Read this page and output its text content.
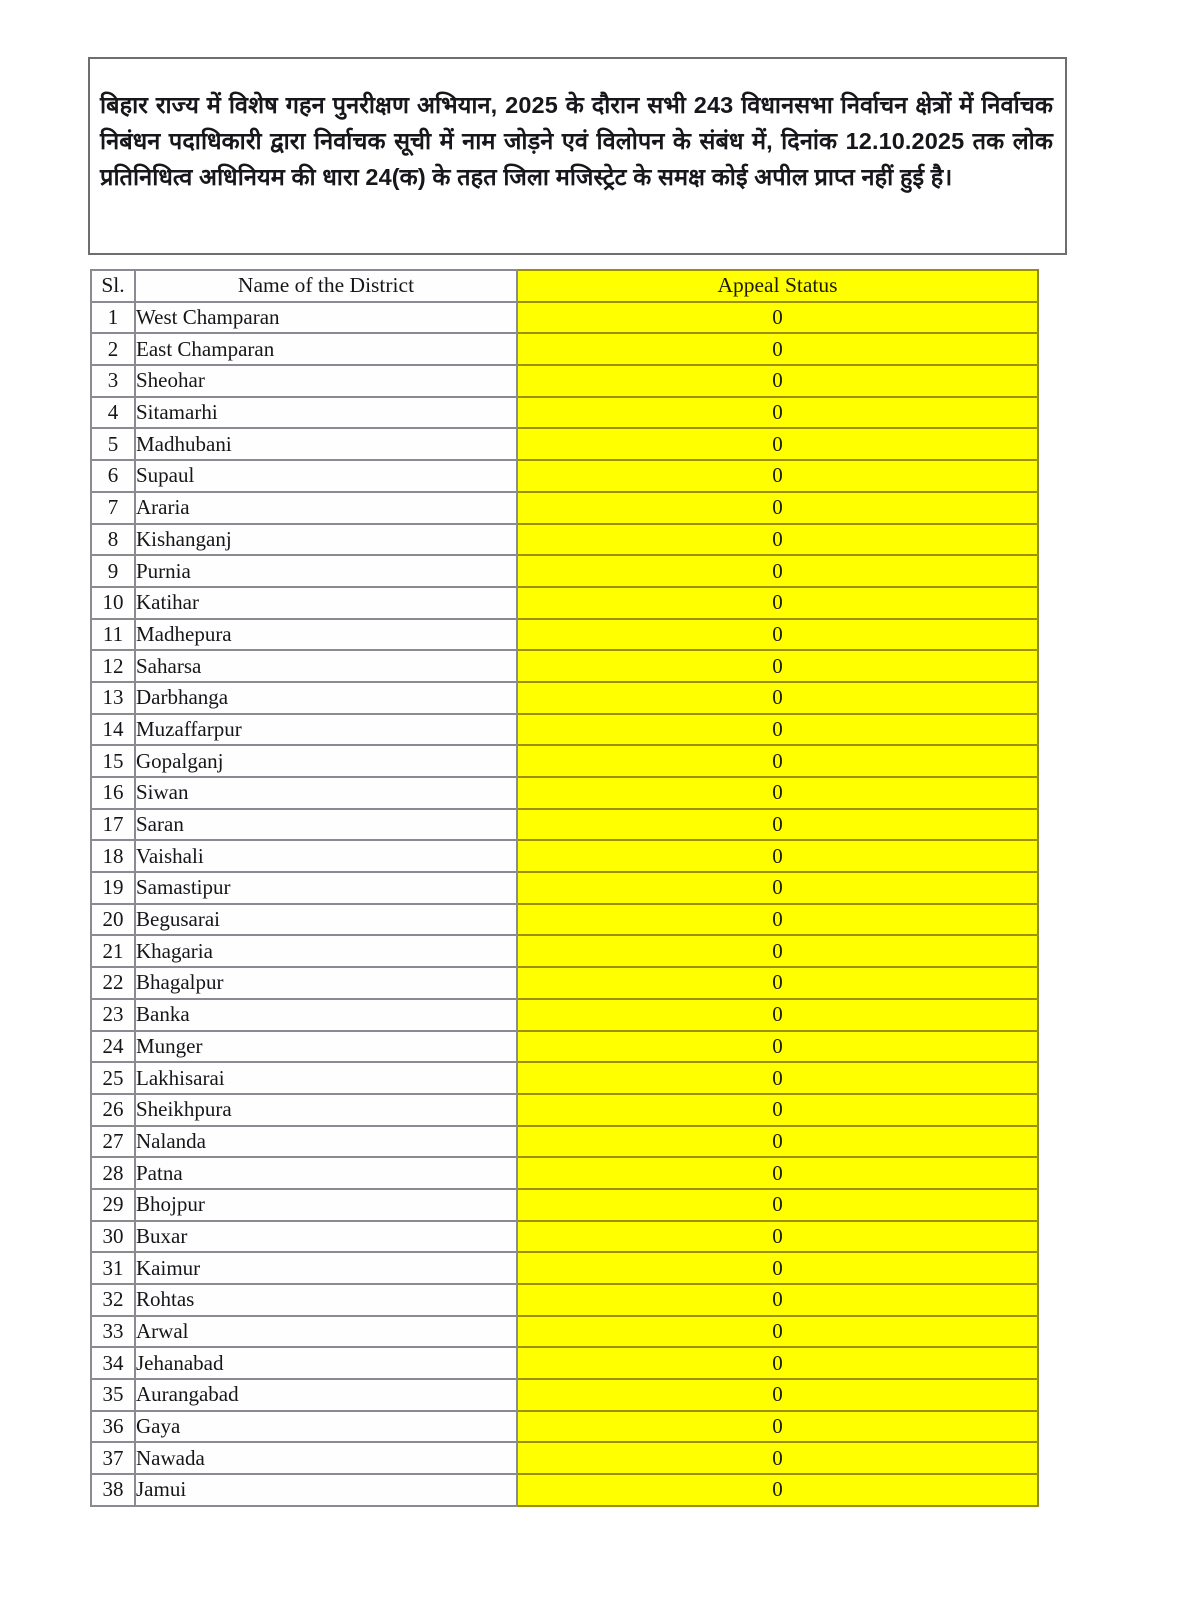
बिहार राज्य में विशेष गहन पुनरीक्षण अभियान, 2025 के दौरान सभी 243 विधानसभा निर्वाचन क्षेत्रों में निर्वाचक निबंधन पदाधिकारी द्वारा निर्वाचक सूची में नाम जोड़ने एवं विलोपन के संबंध में, दिनांक 12.10.2025 तक लोक प्रतिनिधित्व अधिनियम की धारा 24(क) के तहत जिला मजिस्ट्रेट के समक्ष कोई अपील प्राप्त नहीं हुई है।
Sl.	Name of the District	Appeal Status
1	West Champaran	0
2	East Champaran	0
3	Sheohar	0
4	Sitamarhi	0
5	Madhubani	0
6	Supaul	0
7	Araria	0
8	Kishanganj	0
9	Purnia	0
10	Katihar	0
11	Madhepura	0
12	Saharsa	0
13	Darbhanga	0
14	Muzaffarpur	0
15	Gopalganj	0
16	Siwan	0
17	Saran	0
18	Vaishali	0
19	Samastipur	0
20	Begusarai	0
21	Khagaria	0
22	Bhagalpur	0
23	Banka	0
24	Munger	0
25	Lakhisarai	0
26	Sheikhpura	0
27	Nalanda	0
28	Patna	0
29	Bhojpur	0
30	Buxar	0
31	Kaimur	0
32	Rohtas	0
33	Arwal	0
34	Jehanabad	0
35	Aurangabad	0
36	Gaya	0
37	Nawada	0
38	Jamui	0
